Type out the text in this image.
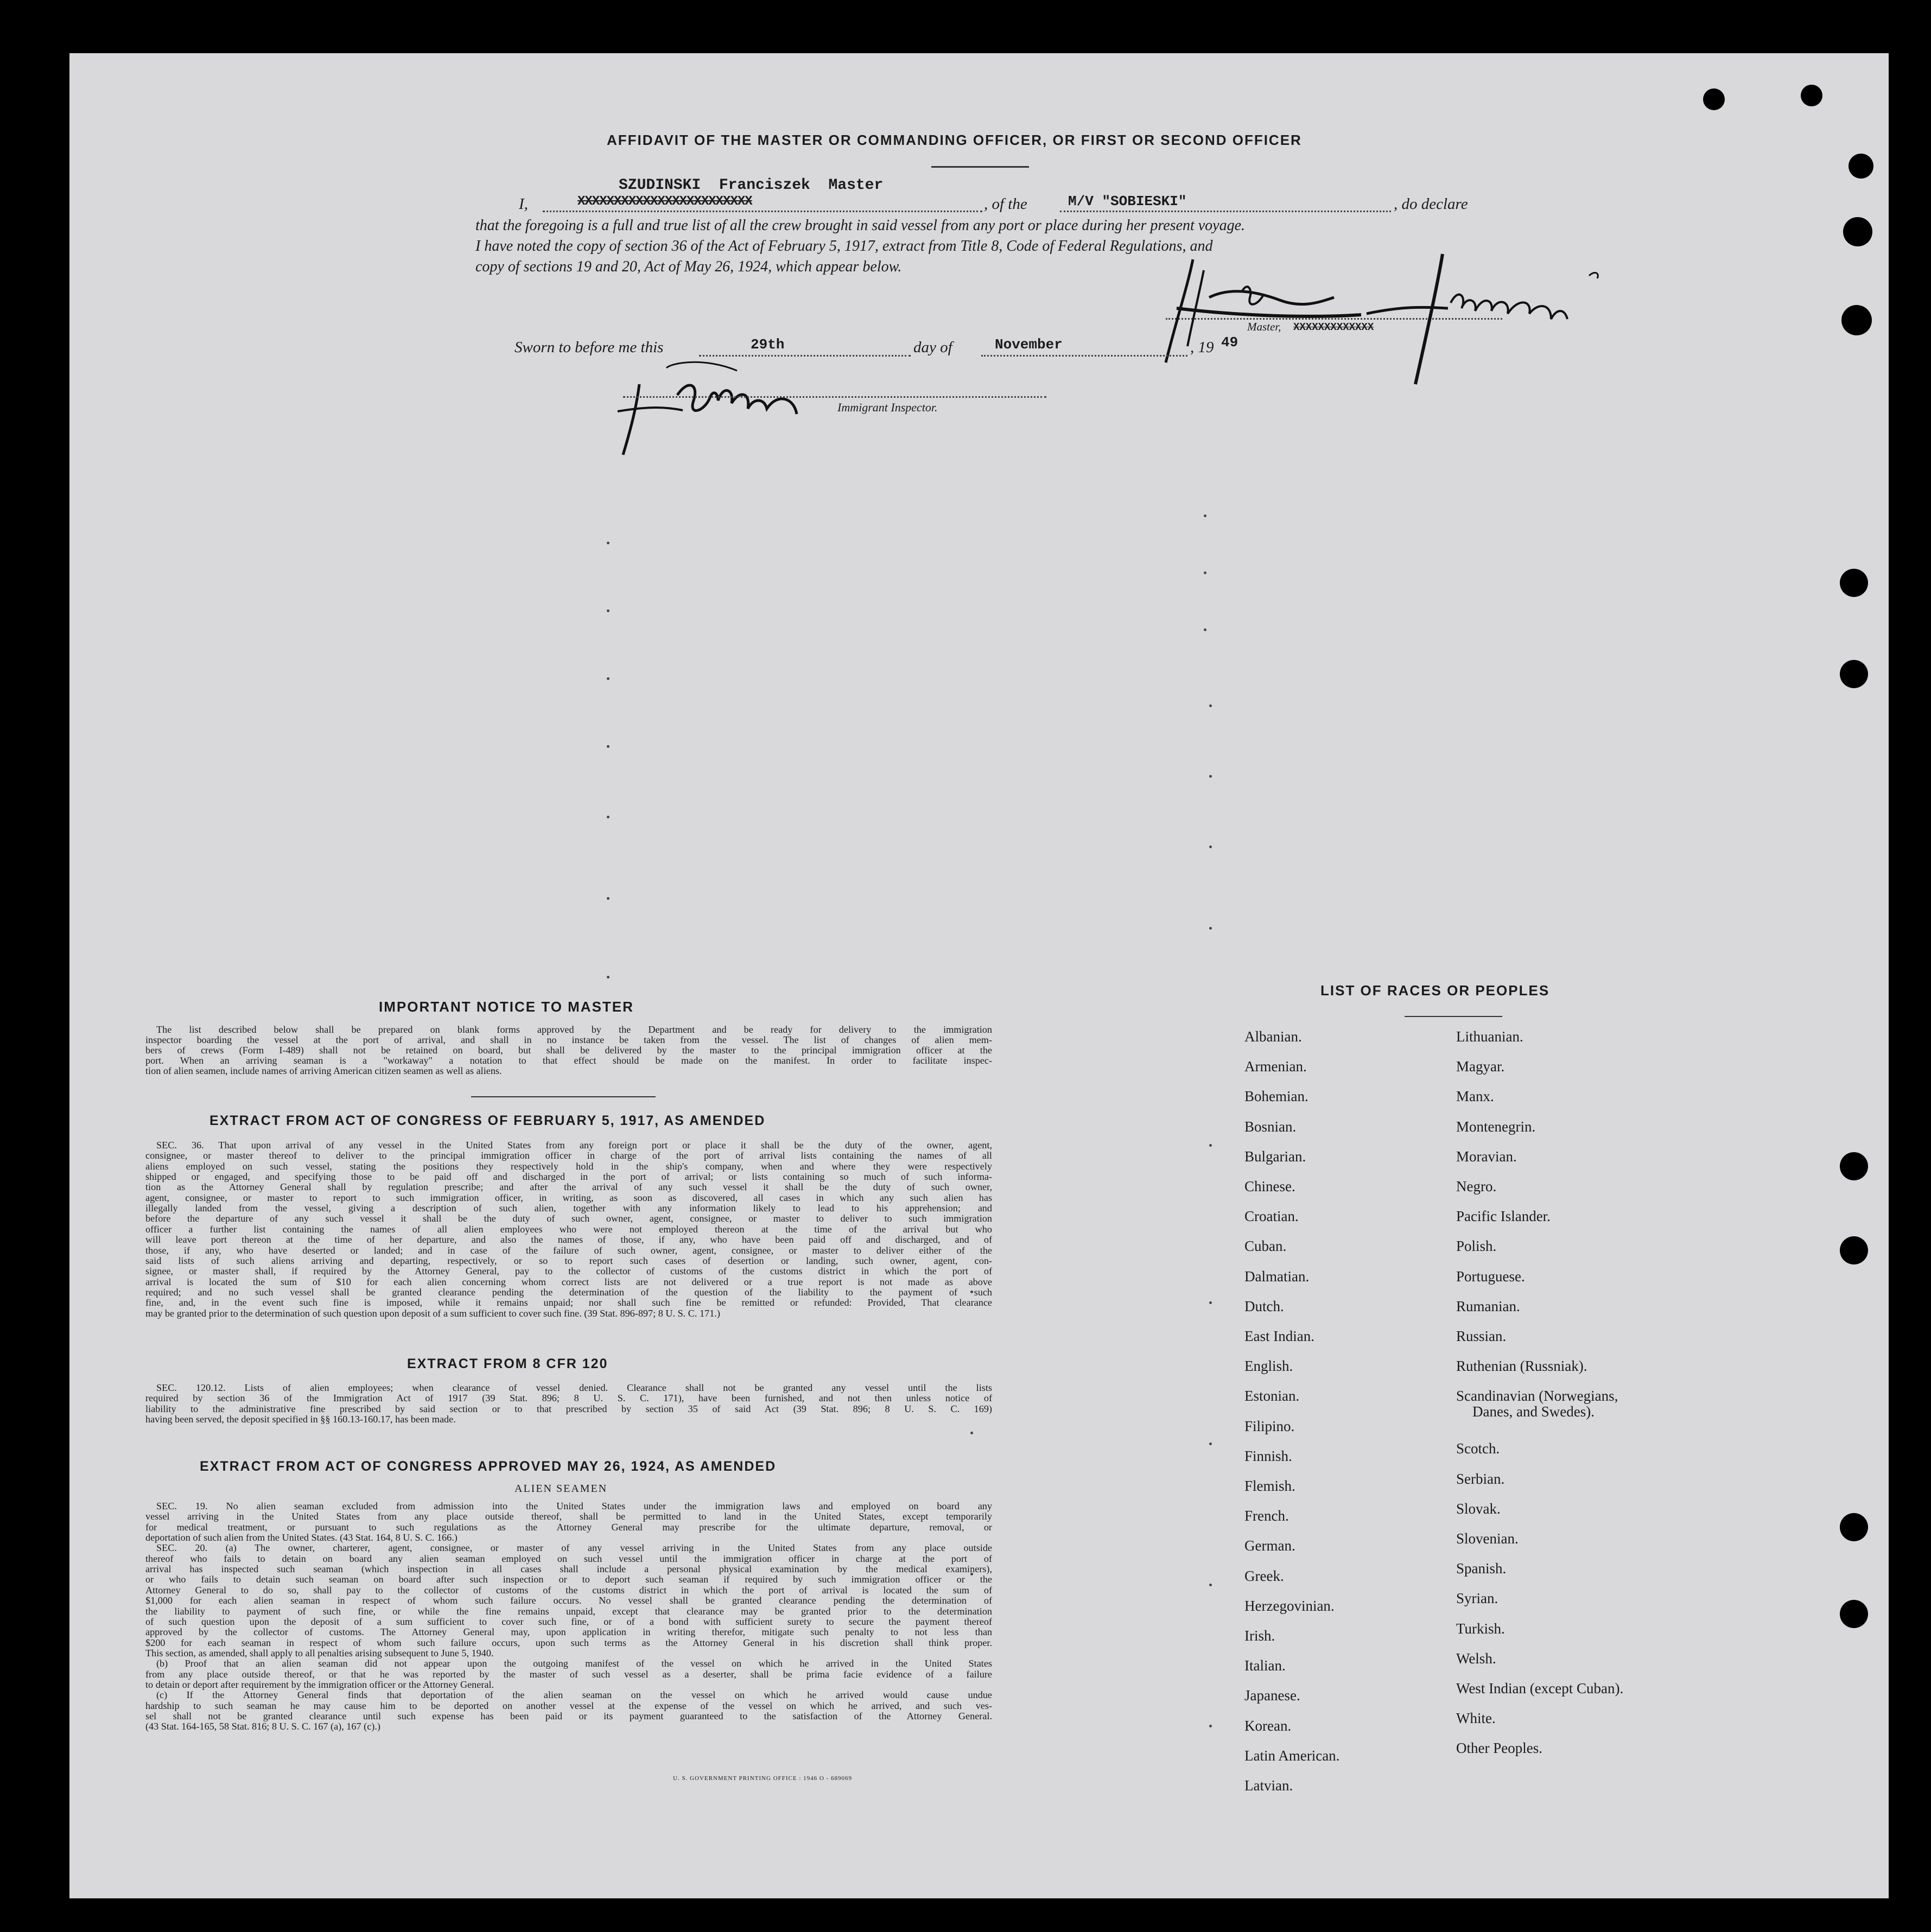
AFFIDAVIT OF THE MASTER OR COMMANDING OFFICER, OR FIRST OR SECOND OFFICER
SZUDINSKI  Franciszek  Master
I,	XXXXXXXXXXXXXXXXXXXXXXXX	, of the	M/V "SOBIESKI"	, do declare
that the foregoing is a full and true list of all the crew brought in said vessel from any port or place during her present voyage.
I have noted the copy of section 36 of the Act of February 5, 1917, extract from Title 8, Code of Federal Regulations, and
copy of sections 19 and 20, Act of May 26, 1924, which appear below.
Master, XXXXXXXXXXXXX
Sworn to before me this	29th	day of	November	, 19 49
Immigrant Inspector.
IMPORTANT NOTICE TO MASTER
The list described below shall be prepared on blank forms approved by the Department and be ready for delivery to the immigration
inspector boarding the vessel at the port of arrival, and shall in no instance be taken from the vessel. The list of changes of alien mem-
bers of crews (Form I-489) shall not be retained on board, but shall be delivered by the master to the principal immigration officer at the
port. When an arriving seaman is a "workaway" a notation to that effect should be made on the manifest. In order to facilitate inspec-
tion of alien seamen, include names of arriving American citizen seamen as well as aliens.
EXTRACT FROM ACT OF CONGRESS OF FEBRUARY 5, 1917, AS AMENDED
SEC. 36. That upon arrival of any vessel in the United States from any foreign port or place it shall be the duty of the owner, agent,
consignee, or master thereof to deliver to the principal immigration officer in charge of the port of arrival lists containing the names of all
aliens employed on such vessel, stating the positions they respectively hold in the ship's company, when and where they were respectively
shipped or engaged, and specifying those to be paid off and discharged in the port of arrival; or lists containing so much of such informa-
tion as the Attorney General shall by regulation prescribe; and after the arrival of any such vessel it shall be the duty of such owner,
agent, consignee, or master to report to such immigration officer, in writing, as soon as discovered, all cases in which any such alien has
illegally landed from the vessel, giving a description of such alien, together with any information likely to lead to his apprehension; and
before the departure of any such vessel it shall be the duty of such owner, agent, consignee, or master to deliver to such immigration
officer a further list containing the names of all alien employees who were not employed thereon at the time of the arrival but who
will leave port thereon at the time of her departure, and also the names of those, if any, who have been paid off and discharged, and of
those, if any, who have deserted or landed; and in case of the failure of such owner, agent, consignee, or master to deliver either of the
said lists of such aliens arriving and departing, respectively, or so to report such cases of desertion or landing, such owner, agent, con-
signee, or master shall, if required by the Attorney General, pay to the collector of customs of the customs district in which the port of
arrival is located the sum of $10 for each alien concerning whom correct lists are not delivered or a true report is not made as above
required; and no such vessel shall be granted clearance pending the determination of the question of the liability to the payment of such
fine, and, in the event such fine is imposed, while it remains unpaid; nor shall such fine be remitted or refunded: Provided, That clearance
may be granted prior to the determination of such question upon deposit of a sum sufficient to cover such fine. (39 Stat. 896-897; 8 U. S. C. 171.)
EXTRACT FROM 8 CFR 120
SEC. 120.12. Lists of alien employees; when clearance of vessel denied. Clearance shall not be granted any vessel until the lists
required by section 36 of the Immigration Act of 1917 (39 Stat. 896; 8 U. S. C. 171), have been furnished, and not then unless notice of
liability to the administrative fine prescribed by said section or to that prescribed by section 35 of said Act (39 Stat. 896; 8 U. S. C. 169)
having been served, the deposit specified in §§ 160.13-160.17, has been made.
EXTRACT FROM ACT OF CONGRESS APPROVED MAY 26, 1924, AS AMENDED
ALIEN SEAMEN
SEC. 19. No alien seaman excluded from admission into the United States under the immigration laws and employed on board any
vessel arriving in the United States from any place outside thereof, shall be permitted to land in the United States, except temporarily
for medical treatment, or pursuant to such regulations as the Attorney General may prescribe for the ultimate departure, removal, or
deportation of such alien from the United States. (43 Stat. 164, 8 U. S. C. 166.)
SEC. 20. (a) The owner, charterer, agent, consignee, or master of any vessel arriving in the United States from any place outside
thereof who fails to detain on board any alien seaman employed on such vessel until the immigration officer in charge at the port of
arrival has inspected such seaman (which inspection in all cases shall include a personal physical examination by the medical examiners),
or who fails to detain such seaman on board after such inspection or to deport such seaman if required by such immigration officer or the
Attorney General to do so, shall pay to the collector of customs of the customs district in which the port of arrival is located the sum of
$1,000 for each alien seaman in respect of whom such failure occurs. No vessel shall be granted clearance pending the determination of
the liability to payment of such fine, or while the fine remains unpaid, except that clearance may be granted prior to the determination
of such question upon the deposit of a sum sufficient to cover such fine, or of a bond with sufficient surety to secure the payment thereof
approved by the collector of customs. The Attorney General may, upon application in writing therefor, mitigate such penalty to not less than
$200 for each seaman in respect of whom such failure occurs, upon such terms as the Attorney General in his discretion shall think proper.
This section, as amended, shall apply to all penalties arising subsequent to June 5, 1940.
(b) Proof that an alien seaman did not appear upon the outgoing manifest of the vessel on which he arrived in the United States
from any place outside thereof, or that he was reported by the master of such vessel as a deserter, shall be prima facie evidence of a failure
to detain or deport after requirement by the immigration officer or the Attorney General.
(c) If the Attorney General finds that deportation of the alien seaman on the vessel on which he arrived would cause undue
hardship to such seaman he may cause him to be deported on another vessel at the expense of the vessel on which he arrived, and such ves-
sel shall not be granted clearance until such expense has been paid or its payment guaranteed to the satisfaction of the Attorney General.
(43 Stat. 164-165, 58 Stat. 816; 8 U. S. C. 167 (a), 167 (c).)
U. S. GOVERNMENT PRINTING OFFICE : 1946 O - 689069
LIST OF RACES OR PEOPLES
Albanian.
Armenian.
Bohemian.
Bosnian.
Bulgarian.
Chinese.
Croatian.
Cuban.
Dalmatian.
Dutch.
East Indian.
English.
Estonian.
Filipino.
Finnish.
Flemish.
French.
German.
Greek.
Herzegovinian.
Irish.
Italian.
Japanese.
Korean.
Latin American.
Latvian.
Lithuanian.
Magyar.
Manx.
Montenegrin.
Moravian.
Negro.
Pacific Islander.
Polish.
Portuguese.
Rumanian.
Russian.
Ruthenian (Russniak).
Scandinavian (Norwegians,
Danes, and Swedes).
Scotch.
Serbian.
Slovak.
Slovenian.
Spanish.
Syrian.
Turkish.
Welsh.
West Indian (except Cuban).
White.
Other Peoples.
